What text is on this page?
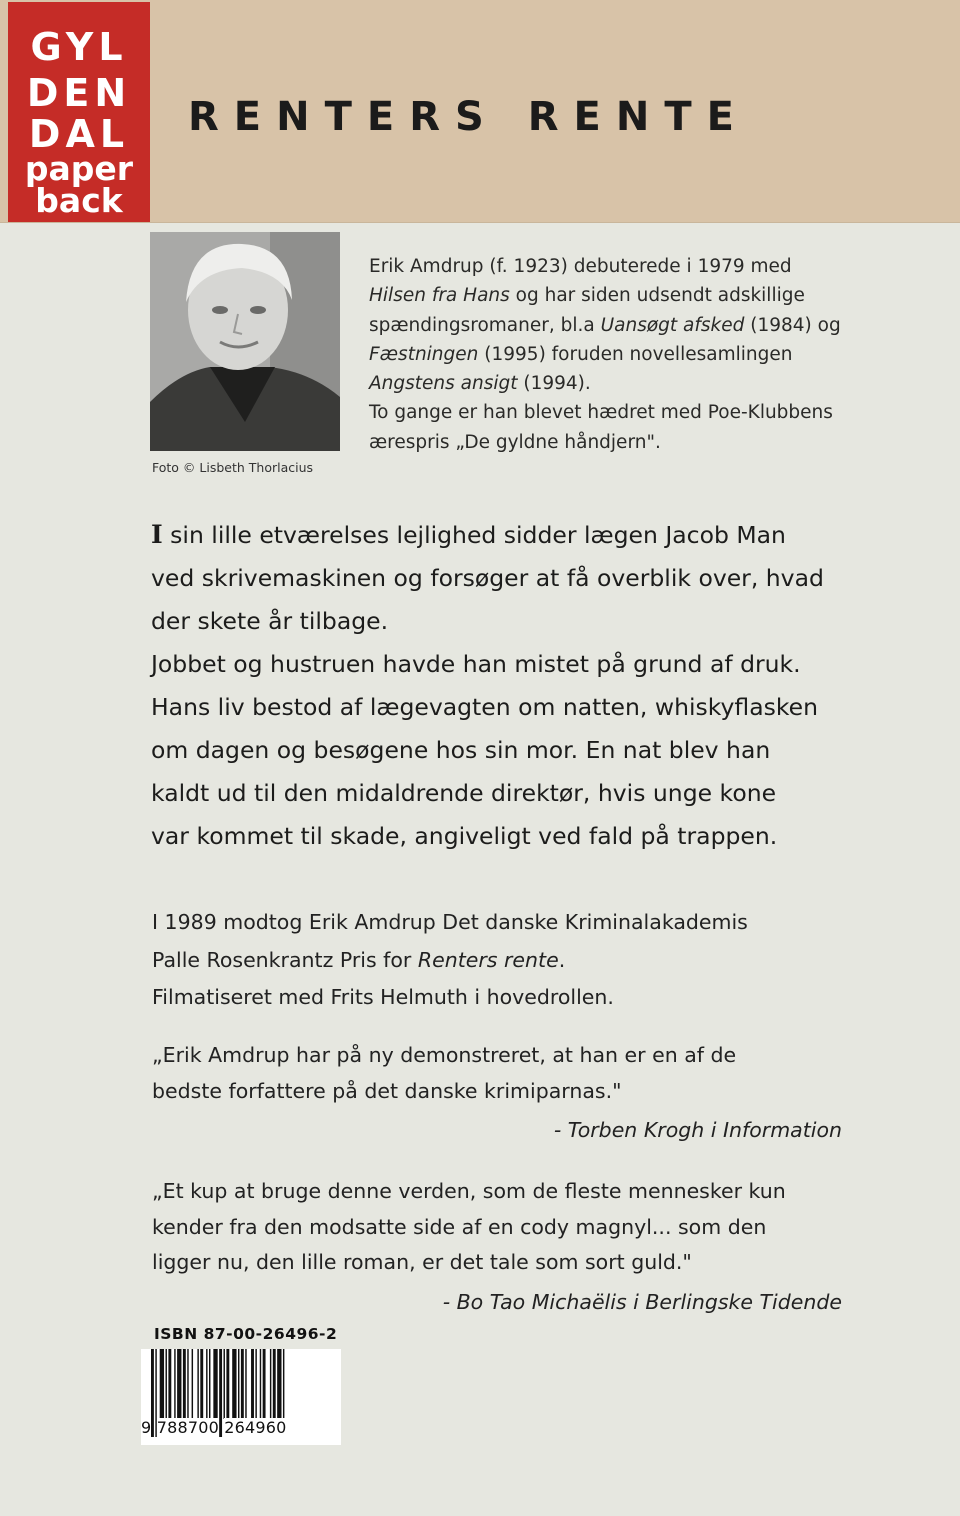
GYL
DEN
DAL
paper
back
RENTERS RENTE
Foto © Lisbeth Thorlacius

Erik Amdrup (f. 1923) debuterede i 1979 med

Hilsen fra Hans og har siden udsendt adskillige

spændingsromaner, bl.a Uansøgt afsked (1984) og

Fæstningen (1995) foruden novellesamlingen

Angstens ansigt (1994).

To gange er han blevet hædret med Poe-Klubbens

ærespris „De gyldne håndjern".

I sin lille etværelses lejlighed sidder lægen Jacob Man

ved skrivemaskinen og forsøger at få overblik over, hvad

der skete år tilbage.

Jobbet og hustruen havde han mistet på grund af druk.

Hans liv bestod af lægevagten om natten, whiskyflasken

om dagen og besøgene hos sin mor. En nat blev han

kaldt ud til den midaldrende direktør, hvis unge kone

var kommet til skade, angiveligt ved fald på trappen.

I 1989 modtog Erik Amdrup Det danske Kriminalakademis

Palle Rosenkrantz Pris for Renters rente.

Filmatiseret med Frits Helmuth i hovedrollen.

„Erik Amdrup har på ny demonstreret, at han er en af de

bedste forfattere på det danske krimiparnas."

- Torben Krogh i Information

„Et kup at bruge denne verden, som de fleste mennesker kun

kender fra den modsatte side af en cody magnyl... som den

ligger nu, den lille roman, er det tale som sort guld."

- Bo Tao Michaëlis i Berlingske Tidende

ISBN 87-00-26496-2
9 788700 264960
